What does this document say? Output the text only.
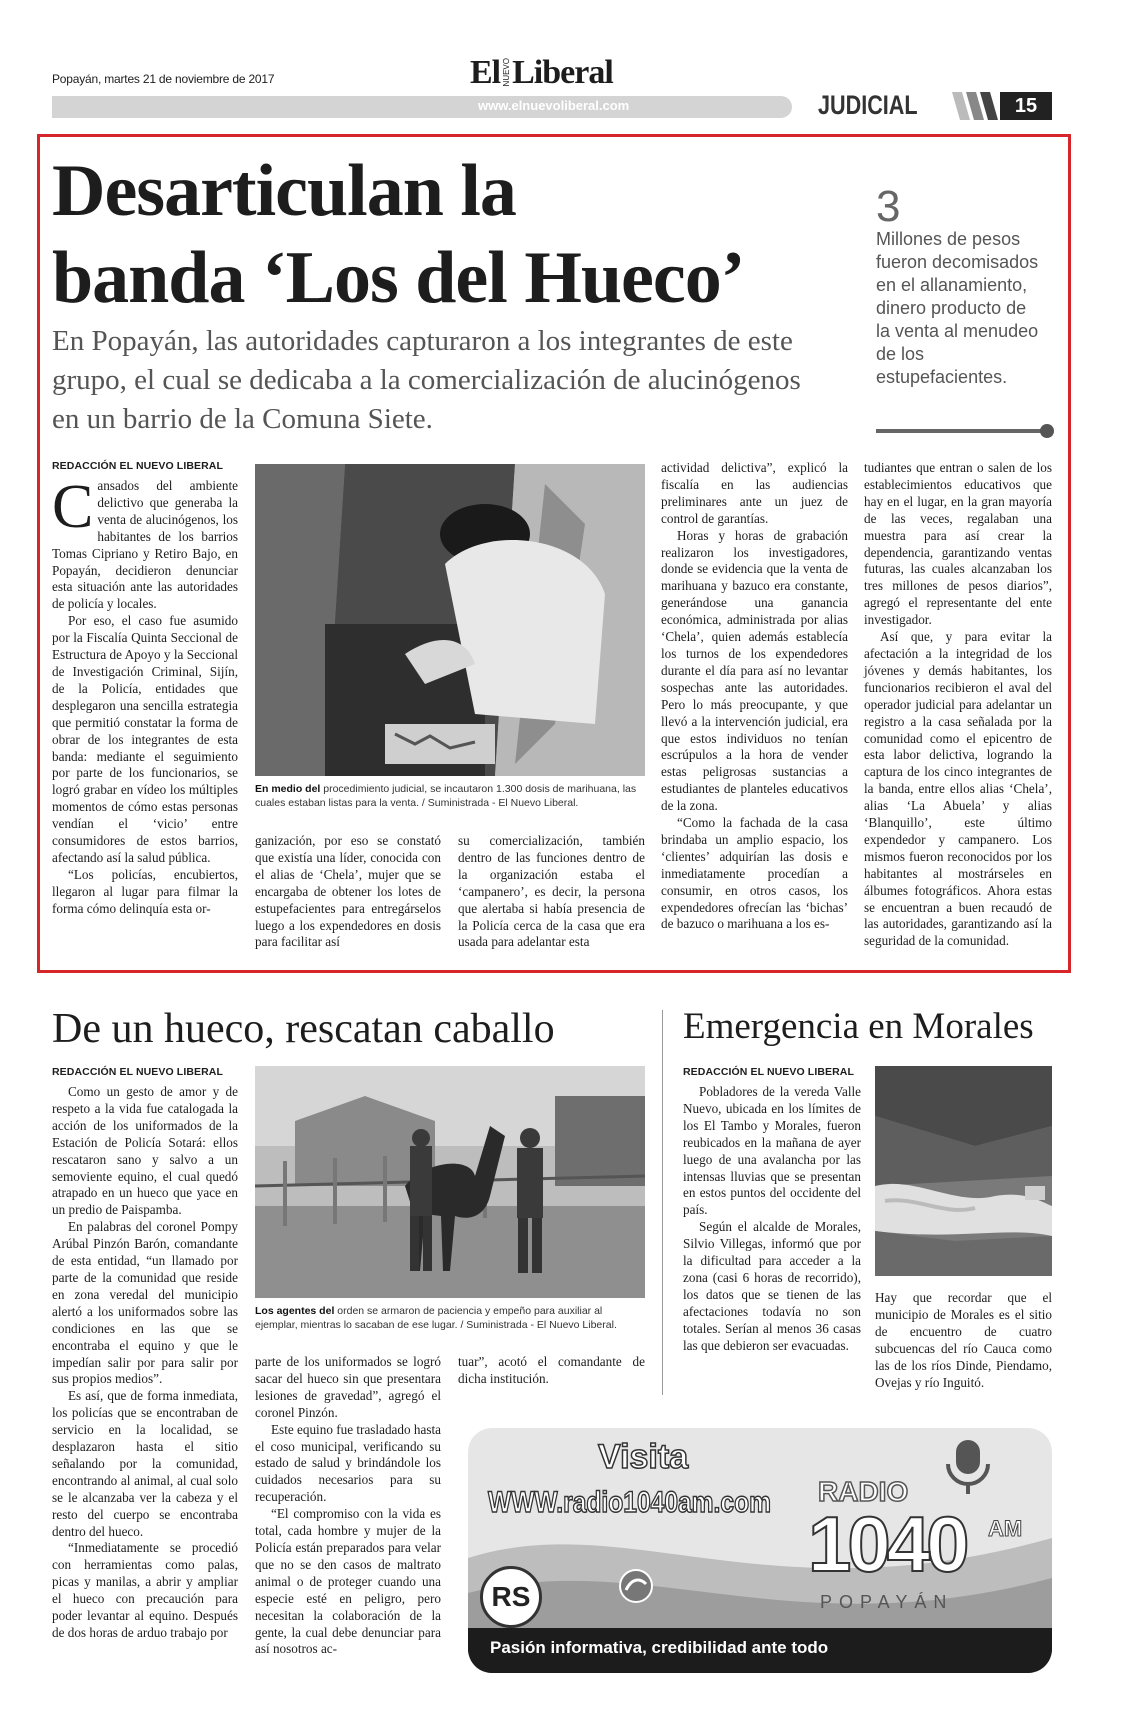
Popayán, martes 21 de noviembre de 2017	El NUEVO Liberal
www.elnuevoliberal.com	JUDICIAL	15
Desarticulan la
banda ‘Los del Hueco’
En Popayán, las autoridades capturaron a los integrantes de este grupo, el cual se dedicaba a la comercialización de alucinógenos en un barrio de la Comuna Siete.
3
Millones de pesos fueron decomisados en el allanamiento, dinero producto de la venta al menudeo de los estupefacientes.
REDACCIÓN EL NUEVO LIBERAL

Cansados del ambiente delictivo que generaba la venta de alucinógenos, los habitantes de los barrios Tomas Cipriano y Retiro Bajo, en Popayán, decidieron denunciar esta situación ante las autoridades de policía y locales.

Por eso, el caso fue asumido por la Fiscalía Quinta Seccional de Estructura de Apoyo y la Seccional de Investigación Criminal, Sijín, de la Policía, entidades que desplegaron una sencilla estrategia que permitió constatar la forma de obrar de los integrantes de esta banda: mediante el seguimiento por parte de los funcionarios, se logró grabar en vídeo los múltiples momentos de cómo estas personas vendían el ‘vicio’ entre consumidores de estos barrios, afectando así la salud pública.

“Los policías, encubiertos, llegaron al lugar para filmar la forma cómo delinquía esta or-

En medio del procedimiento judicial, se incautaron 1.300 dosis de marihuana, las cuales estaban listas para la venta. / Suministrada - El Nuevo Liberal.

ganización, por eso se constató que existía una líder, conocida con el alias de ‘Chela’, mujer que se encargaba de obtener los lotes de estupefacientes para entregárselos luego a los expendedores en dosis para facilitar así

su comercialización, también dentro de las funciones dentro de la organización estaba el ‘campanero’, es decir, la persona que alertaba si había presencia de la Policía cerca de la casa que era usada para adelantar esta

actividad delictiva”, explicó la fiscalía en las audiencias preliminares ante un juez de control de garantías.

Horas y horas de grabación realizaron los investigadores, donde se evidencia que la venta de marihuana y bazuco era constante, generándose una ganancia económica, administrada por alias ‘Chela’, quien además establecía los turnos de los expendedores durante el día para así no levantar sospechas ante las autoridades. Pero lo más preocupante, y que llevó a la intervención judicial, era que estos individuos no tenían escrúpulos a la hora de vender estas peligrosas sustancias a estudiantes de planteles educativos de la zona.

“Como la fachada de la casa brindaba un amplio espacio, los ‘clientes’ adquirían las dosis e inmediatamente procedían a consumir, en otros casos, los expendedores ofrecían las ‘bichas’ de bazuco o marihuana a los es-

tudiantes que entran o salen de los establecimientos educativos que hay en el lugar, en la gran mayoría de las veces, regalaban una muestra para así crear la dependencia, garantizando ventas futuras, las cuales alcanzaban los tres millones de pesos diarios”, agregó el representante del ente investigador.

Así que, y para evitar la afectación a la integridad de los jóvenes y demás habitantes, los funcionarios recibieron el aval del operador judicial para adelantar un registro a la casa señalada por la comunidad como el epicentro de esta labor delictiva, logrando la captura de los cinco integrantes de la banda, entre ellos alias ‘Chela’, alias ‘La Abuela’ y alias ‘Blanquillo’, este último expendedor y campanero. Los mismos fueron reconocidos por los habitantes al mostrárseles en álbumes fotográficos. Ahora estas se encuentran a buen recaudó de las autoridades, garantizando así la seguridad de la comunidad.

De un hueco, rescatan caballo
REDACCIÓN EL NUEVO LIBERAL

Como un gesto de amor y de respeto a la vida fue catalogada la acción de los uniformados de la Estación de Policía Sotará: ellos rescataron sano y salvo a un semoviente equino, el cual quedó atrapado en un hueco que yace en un predio de Paispamba.

En palabras del coronel Pompy Arúbal Pinzón Barón, comandante de esta entidad, “un llamado por parte de la comunidad que reside en zona veredal del municipio alertó a los uniformados sobre las condiciones en las que se encontraba el equino y que le impedían salir por para salir por sus propios medios”.

Es así, que de forma inmediata, los policías que se encontraban de servicio en la localidad, se desplazaron hasta el sitio señalando por la comunidad, encontrando al animal, al cual solo se le alcanzaba ver la cabeza y el resto del cuerpo se encontraba dentro del hueco.

“Inmediatamente se procedió con herramientas como palas, picas y manilas, a abrir y ampliar el hueco con precaución para poder levantar al equino. Después de dos horas de arduo trabajo por

Los agentes del orden se armaron de paciencia y empeño para auxiliar al ejemplar, mientras lo sacaban de ese lugar. / Suministrada - El Nuevo Liberal.

parte de los uniformados se logró sacar del hueco sin que presentara lesiones de gravedad”, agregó el coronel Pinzón.

Este equino fue trasladado hasta el coso municipal, verificando su estado de salud y brindándole los cuidados necesarios para su recuperación.

“El compromiso con la vida es total, cada hombre y mujer de la Policía están preparados para velar que no se den casos de maltrato animal o de proteger cuando una especie esté en peligro, pero necesitan la colaboración de la gente, la cual debe denunciar para así nosotros ac-

tuar”, acotó el comandante de dicha institución.

Emergencia en Morales
REDACCIÓN EL NUEVO LIBERAL

Pobladores de la vereda Valle Nuevo, ubicada en los límites de los El Tambo y Morales, fueron reubicados en la mañana de ayer luego de una avalancha por las intensas lluvias que se presentan en estos puntos del occidente del país.

Según el alcalde de Morales, Silvio Villegas, informó que por la dificultad para acceder a la zona (casi 6 horas de recorrido), los datos que se tienen de las afectaciones todavía no son totales. Serían al menos 36 casas las que debieron ser evacuadas.

Hay que recordar que el municipio de Morales es el sitio de encuentro de cuatro subcuencas del río Cauca como las de los ríos Dinde, Piendamo, Ovejas y río Inguitó.

Visita
WWW.radio1040am.com RADIO
1040 AM
POPAYÁN
RS
Pasión informativa, credibilidad ante todo
